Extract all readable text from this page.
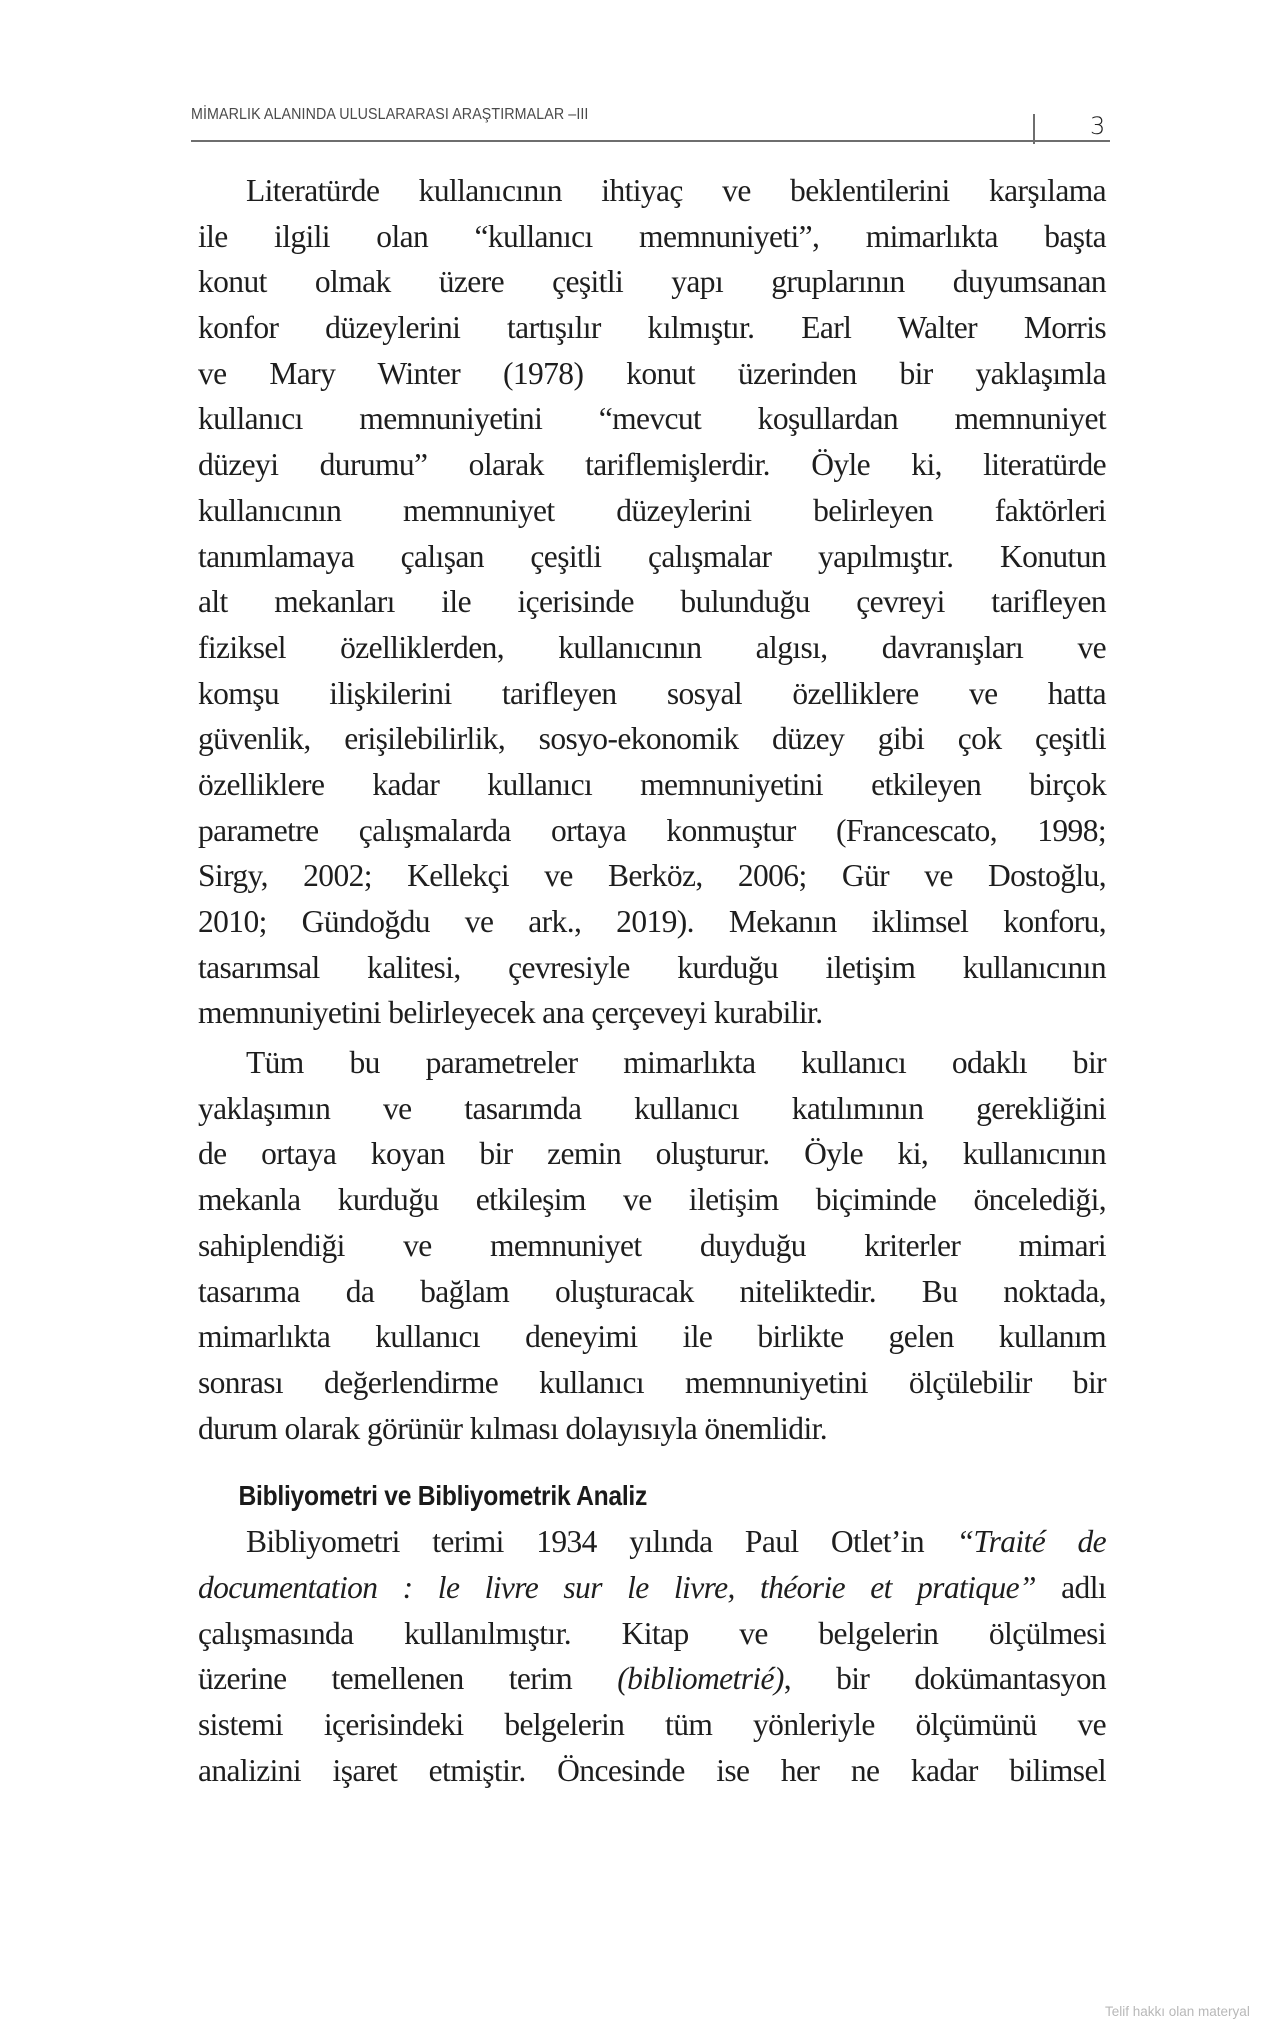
MİMARLIK ALANINDA ULUSLARARASI ARAŞTIRMALAR –III	3
Literatürde kullanıcının ihtiyaç ve beklentilerini karşılama
ile ilgili olan “kullanıcı memnuniyeti”, mimarlıkta başta
konut olmak üzere çeşitli yapı gruplarının duyumsanan
konfor düzeylerini tartışılır kılmıştır. Earl Walter Morris
ve Mary Winter (1978) konut üzerinden bir yaklaşımla
kullanıcı memnuniyetini “mevcut koşullardan memnuniyet
düzeyi durumu” olarak tariflemişlerdir. Öyle ki, literatürde
kullanıcının memnuniyet düzeylerini belirleyen faktörleri
tanımlamaya çalışan çeşitli çalışmalar yapılmıştır. Konutun
alt mekanları ile içerisinde bulunduğu çevreyi tarifleyen
fiziksel özelliklerden, kullanıcının algısı, davranışları ve
komşu ilişkilerini tarifleyen sosyal özelliklere ve hatta
güvenlik, erişilebilirlik, sosyo-ekonomik düzey gibi çok çeşitli
özelliklere kadar kullanıcı memnuniyetini etkileyen birçok
parametre çalışmalarda ortaya konmuştur (Francescato, 1998;
Sirgy, 2002; Kellekçi ve Berköz, 2006; Gür ve Dostoğlu,
2010; Gündoğdu ve ark., 2019). Mekanın iklimsel konforu,
tasarımsal kalitesi, çevresiyle kurduğu iletişim kullanıcının
memnuniyetini belirleyecek ana çerçeveyi kurabilir.
Tüm bu parametreler mimarlıkta kullanıcı odaklı bir
yaklaşımın ve tasarımda kullanıcı katılımının gerekliğini
de ortaya koyan bir zemin oluşturur. Öyle ki, kullanıcının
mekanla kurduğu etkileşim ve iletişim biçiminde öncelediği,
sahiplendiği ve memnuniyet duyduğu kriterler mimari
tasarıma da bağlam oluşturacak niteliktedir. Bu noktada,
mimarlıkta kullanıcı deneyimi ile birlikte gelen kullanım
sonrası değerlendirme kullanıcı memnuniyetini ölçülebilir bir
durum olarak görünür kılması dolayısıyla önemlidir.
Bibliyometri ve Bibliyometrik Analiz
Bibliyometri terimi 1934 yılında Paul Otlet’in “Traité de
documentation : le livre sur le livre, théorie et pratique” adlı
çalışmasında kullanılmıştır. Kitap ve belgelerin ölçülmesi
üzerine temellenen terim (bibliometrié), bir dokümantasyon
sistemi içerisindeki belgelerin tüm yönleriyle ölçümünü ve
analizini işaret etmiştir. Öncesinde ise her ne kadar bilimsel
Telif hakkı olan materyal
